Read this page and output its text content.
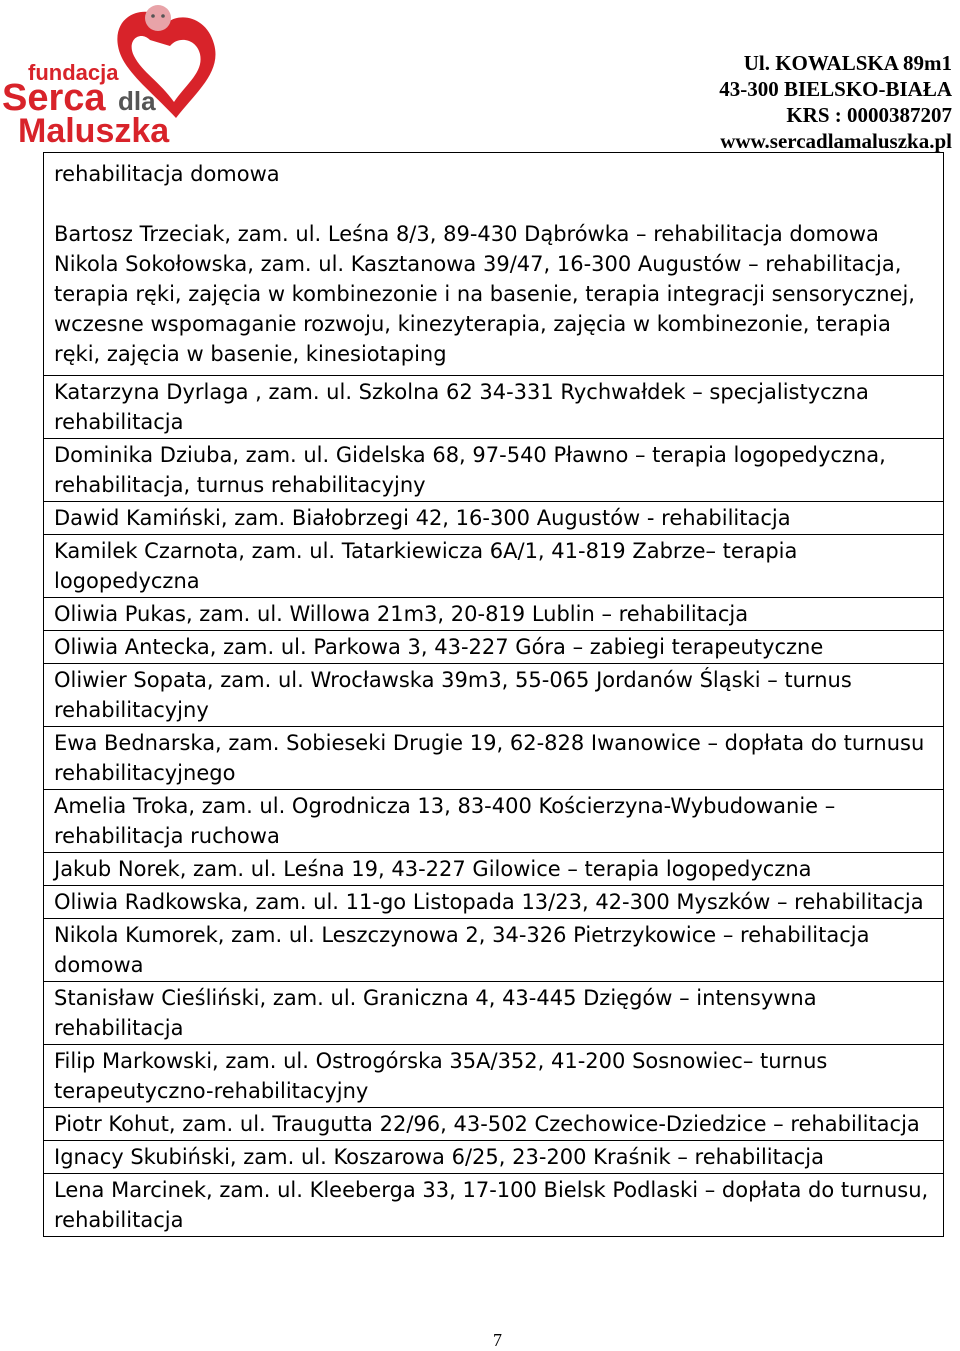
fundacja
Serca dla
Maluszka
Ul. KOWALSKA 89m1
43-300 BIELSKO-BIAŁA
KRS : 0000387207
www.sercadlamaluszka.pl
rehabilitacja domowa

Bartosz Trzeciak, zam. ul. Leśna 8/3, 89-430 Dąbrówka – rehabilitacja domowa
Nikola Sokołowska, zam. ul. Kasztanowa 39/47, 16-300 Augustów – rehabilitacja, terapia ręki, zajęcia w kombinezonie i na basenie, terapia integracji sensorycznej,
wczesne wspomaganie rozwoju, kinezyterapia, zajęcia w kombinezonie, terapia ręki, zajęcia w basenie, kinesiotaping
Katarzyna Dyrlaga , zam. ul. Szkolna 62 34-331 Rychwałdek – specjalistyczna rehabilitacja
Dominika Dziuba, zam. ul. Gidelska 68, 97-540 Pławno – terapia logopedyczna,
rehabilitacja, turnus rehabilitacyjny
Dawid Kamiński, zam. Białobrzegi 42, 16-300 Augustów - rehabilitacja
Kamilek Czarnota, zam. ul. Tatarkiewicza 6A/1, 41-819 Zabrze– terapia logopedyczna
Oliwia Pukas, zam. ul. Willowa 21m3, 20-819 Lublin – rehabilitacja
Oliwia Antecka, zam. ul. Parkowa 3, 43-227 Góra – zabiegi terapeutyczne
Oliwier Sopata, zam. ul. Wrocławska 39m3, 55-065 Jordanów Śląski – turnus rehabilitacyjny
Ewa Bednarska, zam. Sobieseki Drugie 19, 62-828 Iwanowice – dopłata do turnusu rehabilitacyjnego
Amelia Troka, zam. ul. Ogrodnicza 13, 83-400 Kościerzyna-Wybudowanie – rehabilitacja ruchowa
Jakub Norek, zam. ul. Leśna 19, 43-227 Gilowice – terapia logopedyczna
Oliwia Radkowska, zam. ul. 11-go Listopada 13/23, 42-300 Myszków – rehabilitacja
Nikola Kumorek, zam. ul. Leszczynowa 2, 34-326 Pietrzykowice – rehabilitacja domowa
Stanisław Cieśliński, zam. ul. Graniczna 4, 43-445 Dzięgów – intensywna rehabilitacja
Filip Markowski, zam. ul. Ostrogórska 35A/352, 41-200 Sosnowiec– turnus terapeutyczno-rehabilitacyjny
Piotr Kohut, zam. ul. Traugutta 22/96, 43-502 Czechowice-Dziedzice – rehabilitacja
Ignacy Skubiński, zam. ul. Koszarowa 6/25, 23-200 Kraśnik – rehabilitacja
Lena Marcinek, zam. ul. Kleeberga 33, 17-100 Bielsk Podlaski – dopłata do turnusu, rehabilitacja
7
